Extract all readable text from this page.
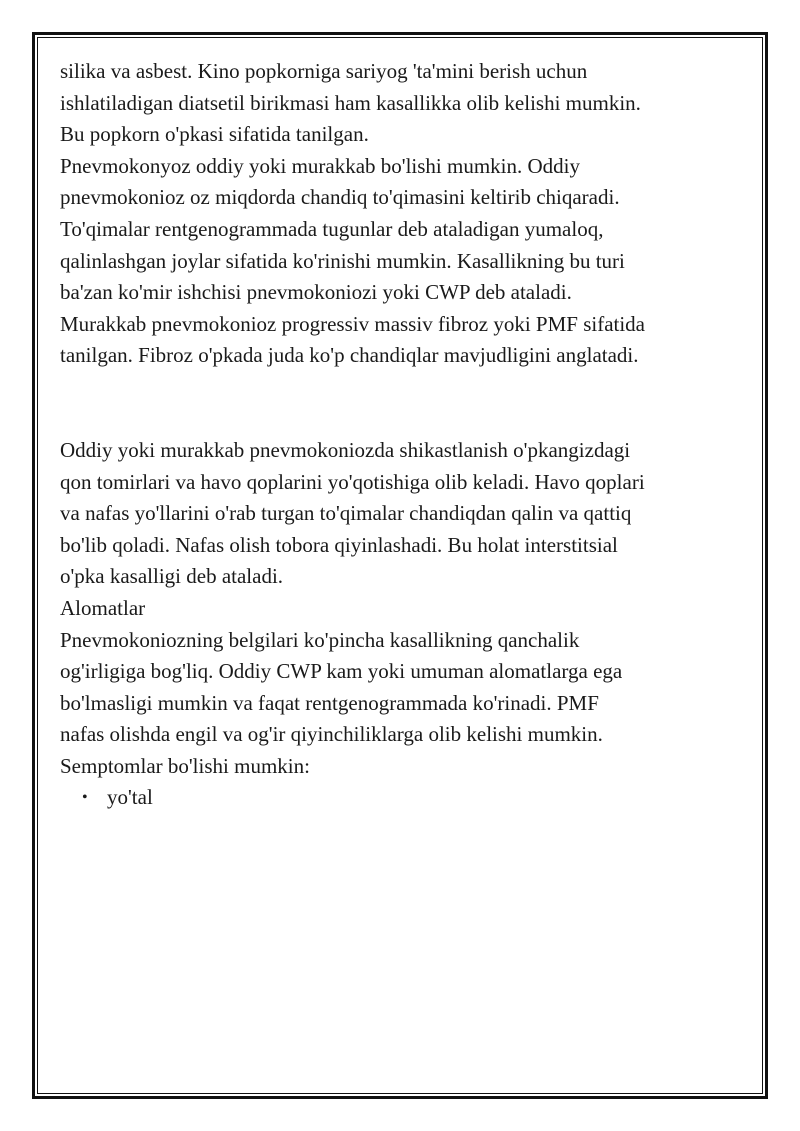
silika va asbest. Kino popkorniga sariyog 'ta'mini berish uchun
ishlatiladigan diatsetil birikmasi ham kasallikka olib kelishi mumkin.
Bu popkorn o'pkasi sifatida tanilgan.

Pnevmokonyoz oddiy yoki murakkab bo'lishi mumkin. Oddiy
pnevmokonioz oz miqdorda chandiq to'qimasini keltirib chiqaradi.
To'qimalar rentgenogrammada tugunlar deb ataladigan yumaloq,
qalinlashgan joylar sifatida ko'rinishi mumkin. Kasallikning bu turi
ba'zan ko'mir ishchisi pnevmokoniozi yoki CWP deb ataladi.
Murakkab pnevmokonioz progressiv massiv fibroz yoki PMF sifatida
tanilgan. Fibroz o'pkada juda ko'p chandiqlar mavjudligini anglatadi.

Oddiy yoki murakkab pnevmokoniozda shikastlanish o'pkangizdagi
qon tomirlari va havo qoplarini yo'qotishiga olib keladi. Havo qoplari
va nafas yo'llarini o'rab turgan to'qimalar chandiqdan qalin va qattiq
bo'lib qoladi. Nafas olish tobora qiyinlashadi. Bu holat interstitsial
o'pka kasalligi deb ataladi.

Alomatlar

Pnevmokoniozning belgilari ko'pincha kasallikning qanchalik
og'irligiga bog'liq. Oddiy CWP kam yoki umuman alomatlarga ega
bo'lmasligi mumkin va faqat rentgenogrammada ko'rinadi. PMF
nafas olishda engil va og'ir qiyinchiliklarga olib kelishi mumkin.
Semptomlar bo'lishi mumkin:

• yo'tal
